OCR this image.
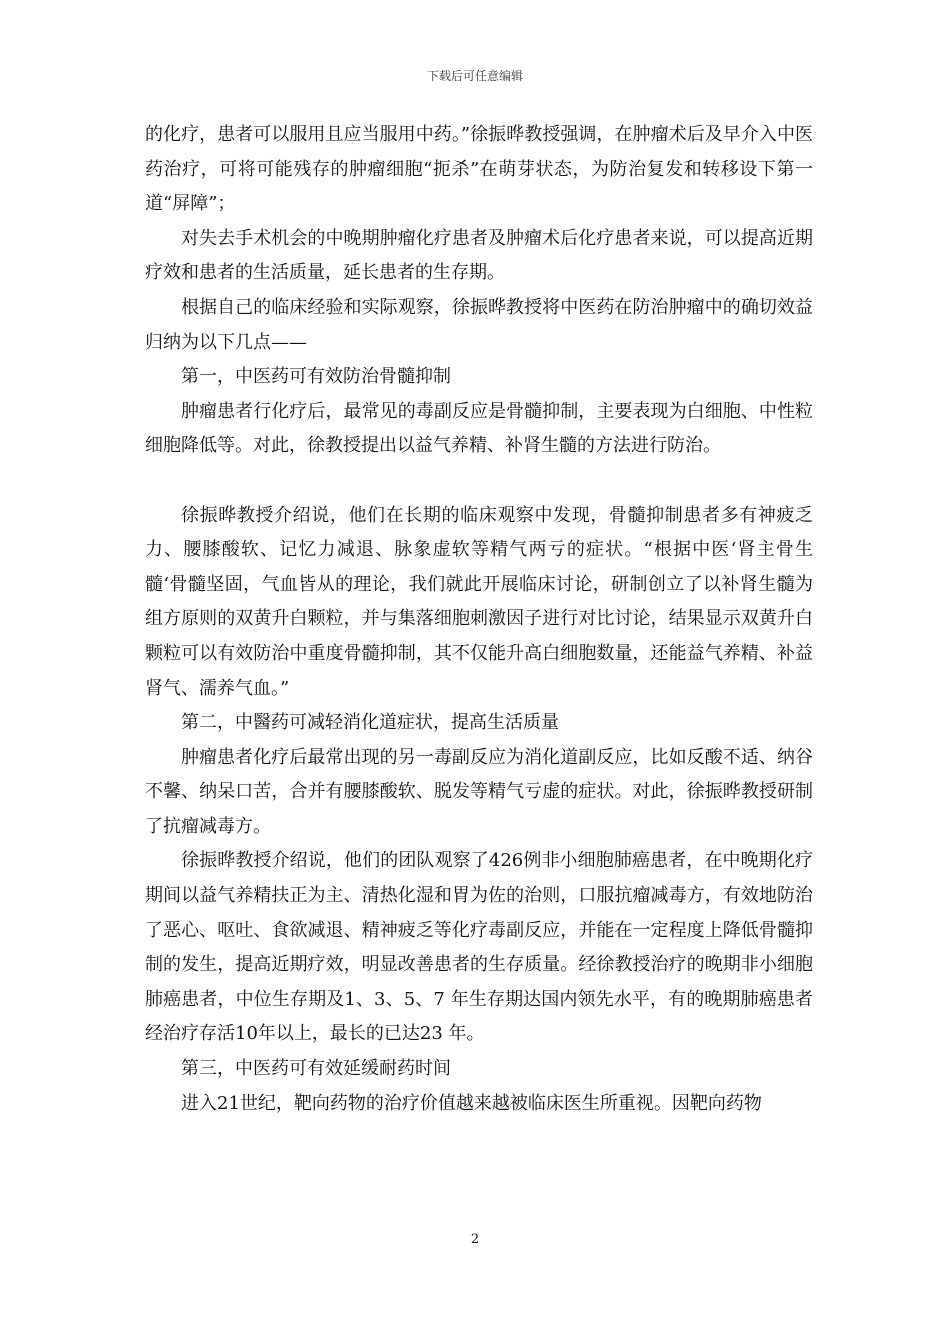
下载后可任意编辑

的化疗，患者可以服用且应当服用中药。”徐振晔教授强调，在肿瘤术后及早介入中医药治疗，可将可能残存的肿瘤细胞“扼杀”在萌芽状态，为防治复发和转移设下第一道“屏障”；

对失去手术机会的中晚期肿瘤化疗患者及肿瘤术后化疗患者来说，可以提高近期疗效和患者的生活质量，延长患者的生存期。

根据自己的临床经验和实际观察，徐振晔教授将中医药在防治肿瘤中的确切效益归纳为以下几点——

第一，中医药可有效防治骨髓抑制

肿瘤患者行化疗后，最常见的毒副反应是骨髓抑制，主要表现为白细胞、中性粒细胞降低等。对此，徐教授提出以益气养精、补肾生髓的方法进行防治。

徐振晔教授介绍说，他们在长期的临床观察中发现，骨髓抑制患者多有神疲乏力、腰膝酸软、记忆力减退、脉象虚软等精气两亏的症状。“根据中医‘肾主骨生髓‘骨髓坚固，气血皆从的理论，我们就此开展临床讨论，研制创立了以补肾生髓为组方原则的双黄升白颗粒，并与集落细胞刺激因子进行对比讨论，结果显示双黄升白颗粒可以有效防治中重度骨髓抑制，其不仅能升高白细胞数量，还能益气养精、补益肾气、濡养气血。”

第二，中醫药可减轻消化道症状，提高生活质量

肿瘤患者化疗后最常出现的另一毒副反应为消化道副反应，比如反酸不适、纳谷不馨、纳呆口苦，合并有腰膝酸软、脱发等精气亏虚的症状。对此，徐振晔教授研制了抗瘤减毒方。

徐振晔教授介绍说，他们的团队观察了426例非小细胞肺癌患者，在中晚期化疗期间以益气养精扶正为主、清热化湿和胃为佐的治则，口服抗瘤减毒方，有效地防治了恶心、呕吐、食欲减退、精神疲乏等化疗毒副反应，并能在一定程度上降低骨髓抑制的发生，提高近期疗效，明显改善患者的生存质量。经徐教授治疗的晚期非小细胞肺癌患者，中位生存期及1、3、5、7 年生存期达国内领先水平，有的晚期肺癌患者经治疗存活10年以上，最长的已达23 年。

第三，中医药可有效延缓耐药时间

进入21世纪，靶向药物的治疗价值越来越被临床医生所重视。因靶向药物

2
